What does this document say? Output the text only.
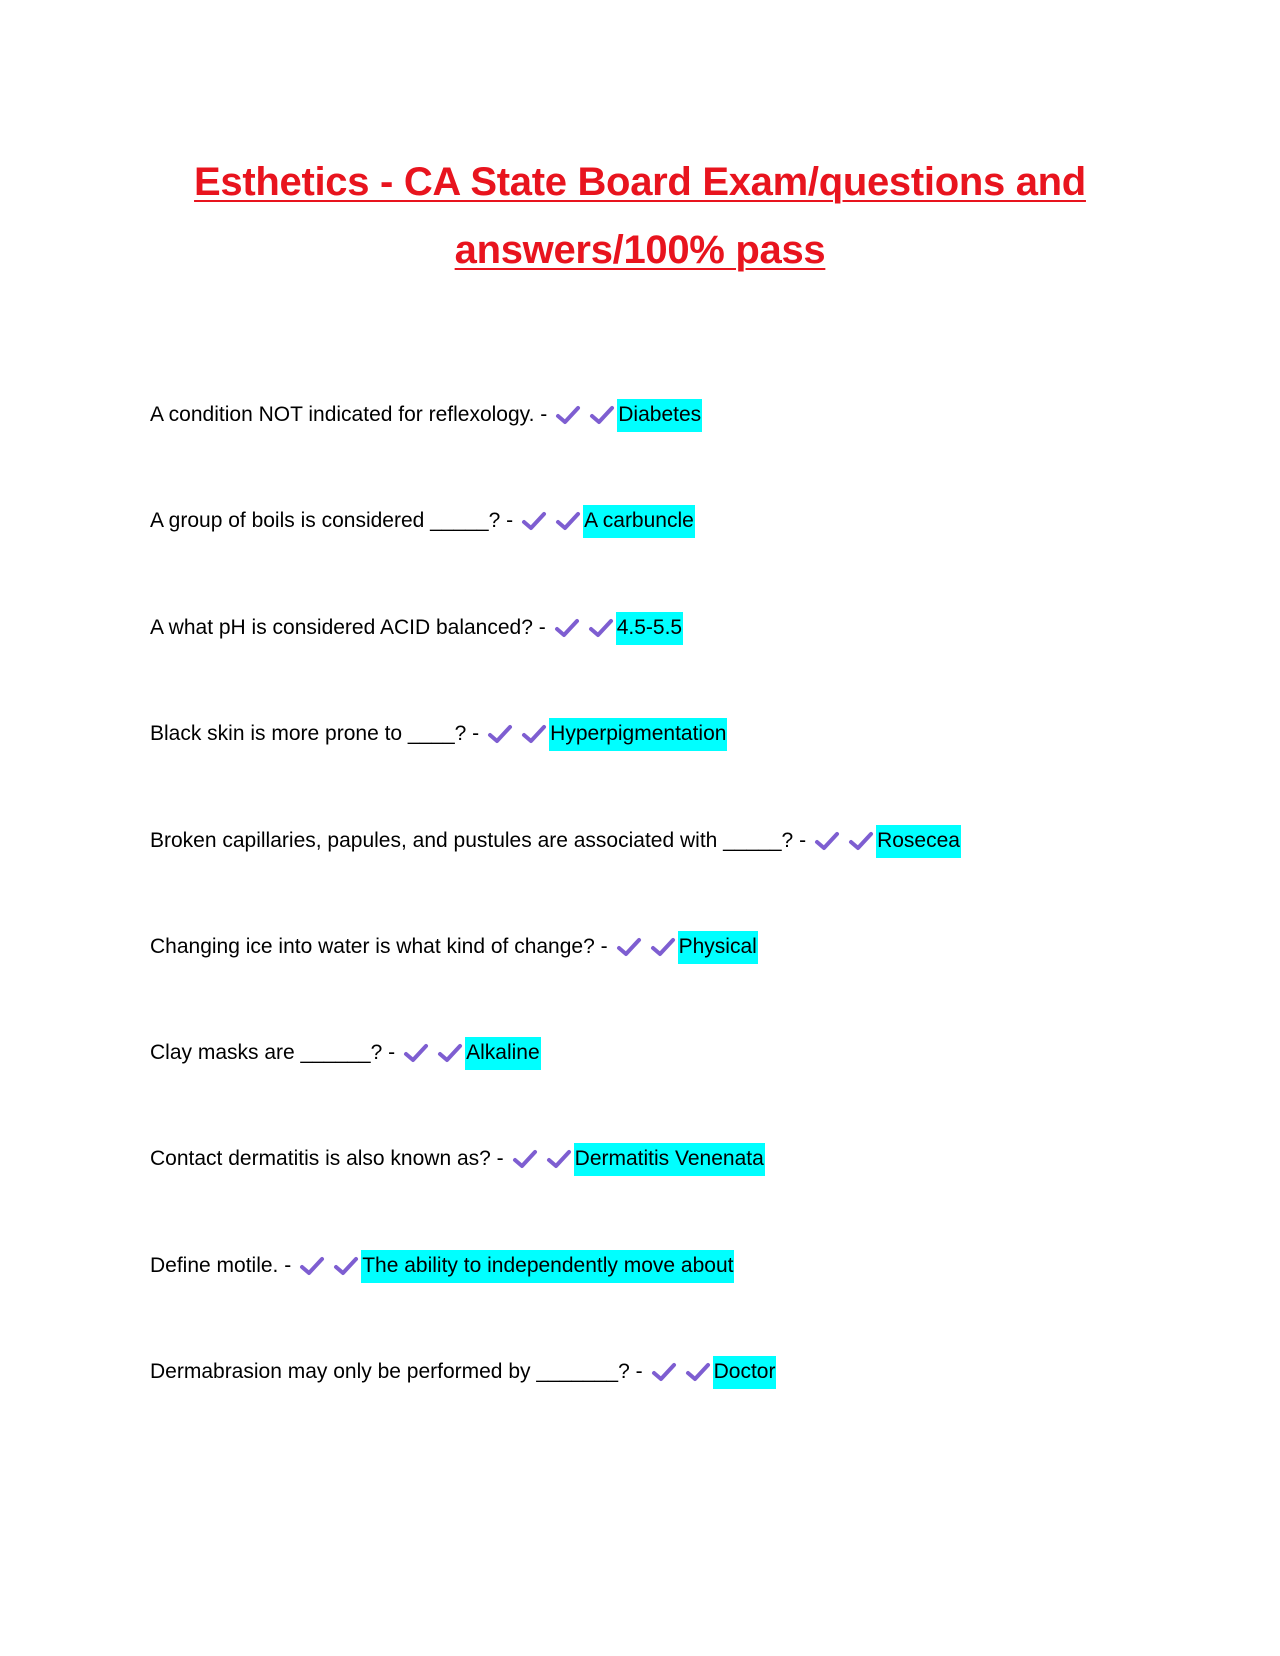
Esthetics - CA State Board Exam/questions and
answers/100% pass
A condition NOT indicated for reflexology. -	Diabetes
A group of boils is considered _____? -	A carbuncle
A what pH is considered ACID balanced? -	4.5-5.5
Black skin is more prone to ____? -	Hyperpigmentation
Broken capillaries, papules, and pustules are associated with _____? -	Rosecea
Changing ice into water is what kind of change? -	Physical
Clay masks are ______? -	Alkaline
Contact dermatitis is also known as? -	Dermatitis Venenata
Define motile. -	The ability to independently move about
Dermabrasion may only be performed by _______? -	Doctor
